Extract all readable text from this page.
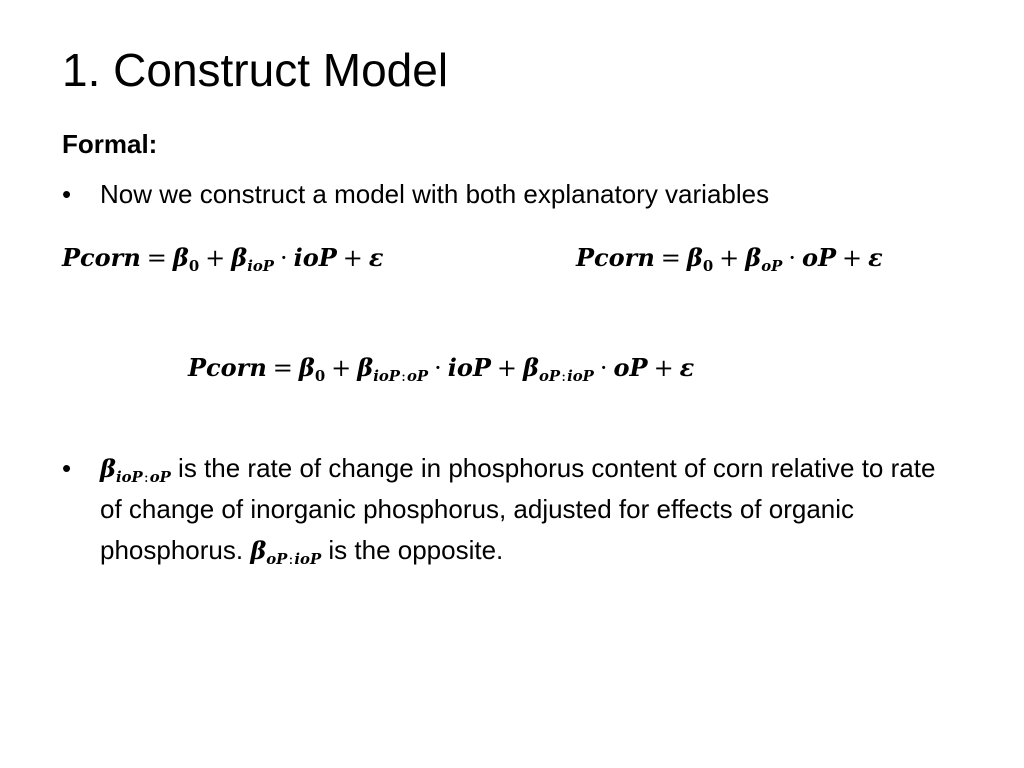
1. Construct Model
Formal:
• Now we construct a model with both explanatory variables
Pcorn = $\beta_0 + \beta_{ioP}$ · ioP + ε	Pcorn = $\beta_0 + \beta_{oP}$ · oP + ε
Pcorn = $\beta_0 + \beta_{ioP:oP}$ · ioP + $\beta_{oP:ioP}$ · oP + ε
• $\beta_{ioP:oP}$ is the rate of change in phosphorus content of corn relative to rate of change of inorganic phosphorus, adjusted for effects of organic phosphorus. $\beta_{oP:ioP}$ is the opposite.
